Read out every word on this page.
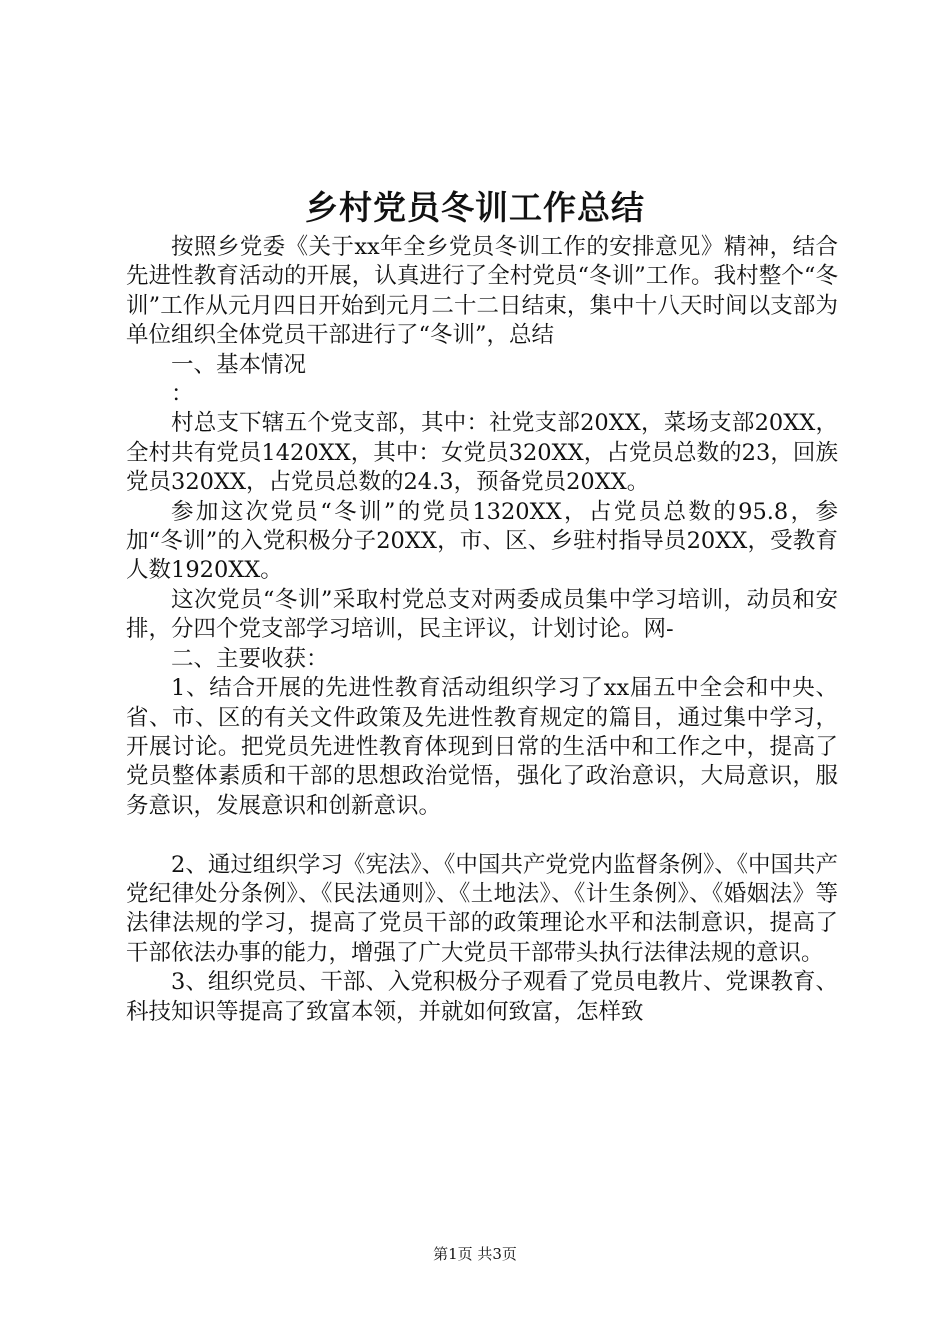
乡村党员冬训工作总结

按照乡党委《关于xx年全乡党员冬训工作的安排意见》精神，结合先进性教育活动的开展，认真进行了全村党员“冬训”工作。我村整个“冬训”工作从元月四日开始到元月二十二日结束，集中十八天时间以支部为单位组织全体党员干部进行了“冬训”，总结

一、基本情况

：

村总支下辖五个党支部，其中：社党支部20XX，菜场支部20XX，全村共有党员1420XX，其中：女党员320XX，占党员总数的23，回族党员320XX，占党员总数的24.3，预备党员20XX。

参加这次党员“冬训”的党员1320XX，占党员总数的95.8，参加“冬训”的入党积极分子20XX，市、区、乡驻村指导员20XX，受教育人数1920XX。

这次党员“冬训”采取村党总支对两委成员集中学习培训，动员和安排，分四个党支部学习培训，民主评议，计划讨论。网-

二、主要收获：

1、结合开展的先进性教育活动组织学习了xx届五中全会和中央、省、市、区的有关文件政策及先进性教育规定的篇目，通过集中学习，开展讨论。把党员先进性教育体现到日常的生活中和工作之中，提高了党员整体素质和干部的思想政治觉悟，强化了政治意识，大局意识，服务意识，发展意识和创新意识。

2、通过组织学习《宪法》、《中国共产党党内监督条例》、《中国共产党纪律处分条例》、《民法通则》、《土地法》、《计生条例》、《婚姻法》等法律法规的学习，提高了党员干部的政策理论水平和法制意识，提高了干部依法办事的能力，增强了广大党员干部带头执行法律法规的意识。

3、组织党员、干部、入党积极分子观看了党员电教片、党课教育、科技知识等提高了致富本领，并就如何致富，怎样致

第1页 共3页
